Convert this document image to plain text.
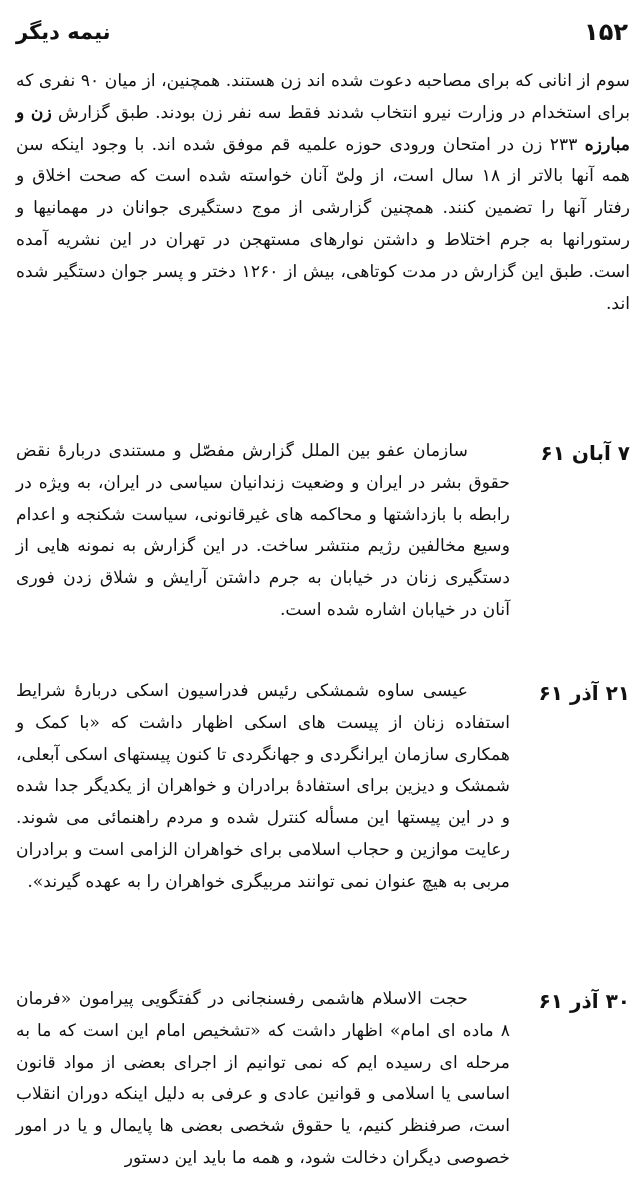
۱۵۲
نیمه دیگر

سوم از انانی که برای مصاحبه دعوت شده اند زن هستند. همچنین، از میان ۹۰ نفری که برای استخدام در وزارت نیرو انتخاب شدند فقط سه نفر زن بودند. طبق گزارش زن و مبارزه ۲۳۳ زن در امتحان ورودی حوزه علمیه قم موفق شده اند. با وجود اینکه سن همه آنها بالاتر از ۱۸ سال است، از ولیّ آنان خواسته شده است که صحت اخلاق و رفتار آنها را تضمین کنند. همچنین گزارشی از موج دستگیری جوانان در مهمانیها و رستورانها به جرم اختلاط و داشتن نوارهای مستهجن در تهران در این نشریه آمده است. طبق این گزارش در مدت کوتاهی، بیش از ۱۲۶۰ دختر و پسر جوان دستگیر شده اند.

۷ آبان ۶۱

سازمان عفو بین الملل گزارش مفصّل و مستندی دربارهٔ نقض حقوق بشر در ایران و وضعیت زندانیان سیاسی در ایران، به ویژه در رابطه با بازداشتها و محاکمه های غیرقانونی، سیاست شکنجه و اعدام وسیع مخالفین رژیم منتشر ساخت. در این گزارش به نمونه هایی از دستگیری زنان در خیابان به جرم داشتن آرایش و شلاق زدن فوری آنان در خیابان اشاره شده است.

۲۱ آذر ۶۱

عیسی ساوه شمشکی رئیس فدراسیون اسکی دربارهٔ شرایط استفاده زنان از پیست های اسکی اظهار داشت که «با کمک و همکاری سازمان ایرانگردی و جهانگردی تا کنون پیستهای اسکی آبعلی، شمشک و دیزین برای استفادهٔ برادران و خواهران از یکدیگر جدا شده و در این پیستها این مسأله کنترل شده و مردم راهنمائی می شوند. رعایت موازین و حجاب اسلامی برای خواهران الزامی است و برادران مربی به هیچ عنوان نمی توانند مربیگری خواهران را به عهده گیرند».

۳۰ آذر ۶۱

حجت الاسلام هاشمی رفسنجانی در گفتگویی پیرامون «فرمان ۸ ماده ای امام» اظهار داشت که «تشخیص امام این است که ما به مرحله ای رسیده ایم که نمی توانیم از اجرای بعضی از مواد قانون اساسی یا اسلامی و قوانین عادی و عرفی به دلیل اینکه دوران انقلاب است، صرفنظر کنیم، یا حقوق شخصی بعضی ها پایمال و یا در امور خصوصی دیگران دخالت شود، و همه ما باید این دستور
